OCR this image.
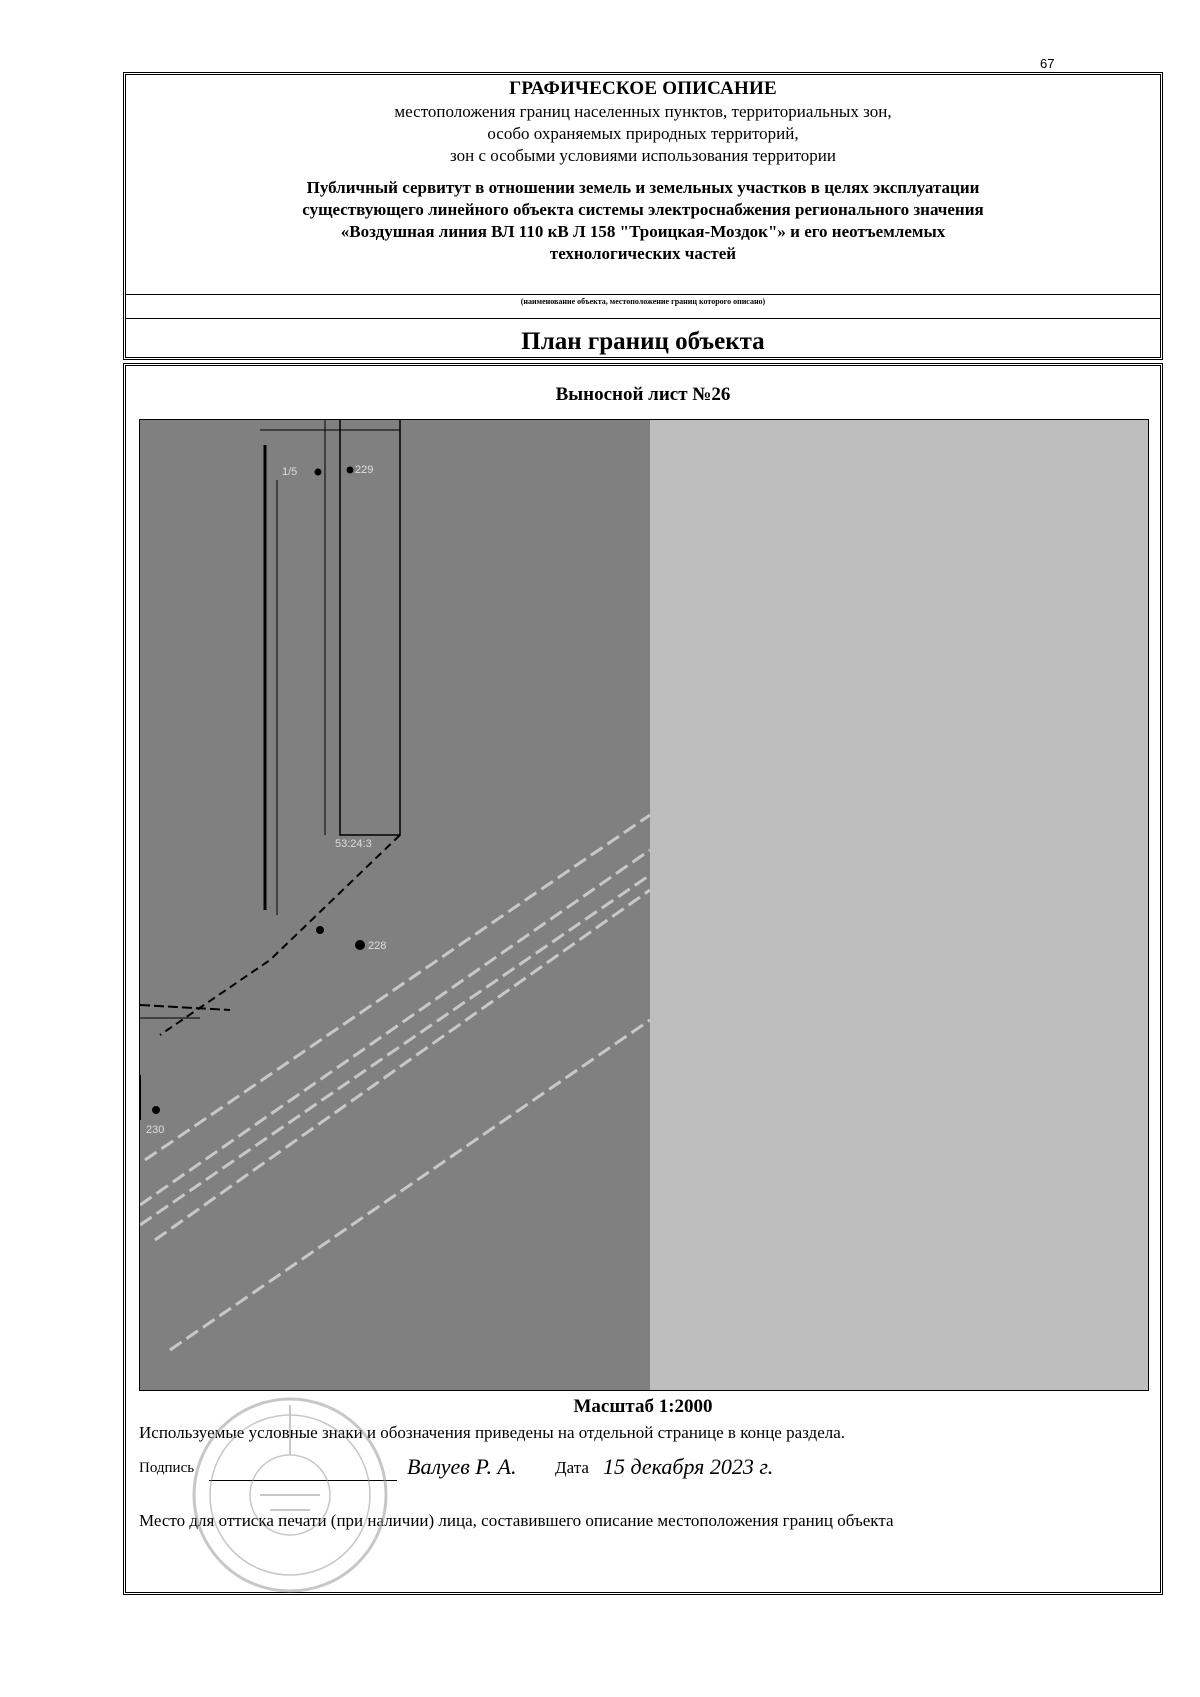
67
ГРАФИЧЕСКОЕ ОПИСАНИЕ
местоположения границ населенных пунктов, территориальных зон,
особо охраняемых природных территорий,
зон с особыми условиями использования территории
Публичный сервитут в отношении земель и земельных участков в целях эксплуатации
существующего линейного объекта системы электроснабжения регионального значения
«Воздушная линия ВЛ 110 кВ Л 158 "Троицкая-Моздок"» и его неотъемлемых
технологических частей
(наименование объекта, местоположение границ которого описано)
План границ объекта
Выносной лист №26
1/5	229
53:24:3
228
230
Масштаб 1:2000
Используемые условные знаки и обозначения приведены на отдельной странице в конце раздела.
Подпись	Валуев Р. А. Дата 15 декабря 2023 г.
Место для оттиска печати (при наличии) лица, составившего описание местоположения границ объекта
